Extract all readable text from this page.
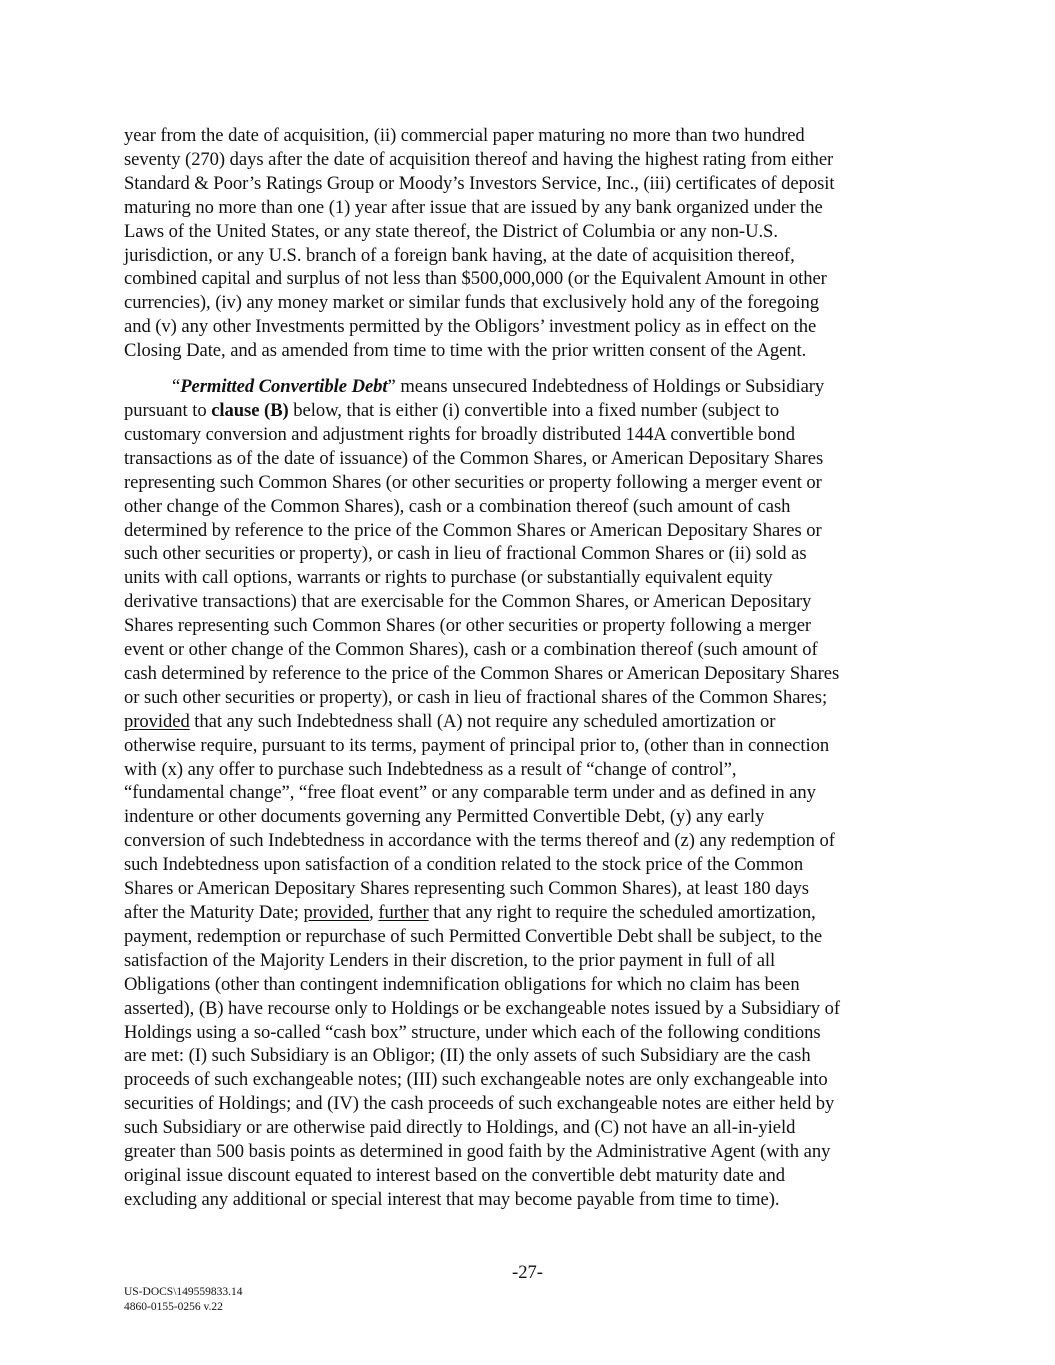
year from the date of acquisition, (ii) commercial paper maturing no more than two hundred
seventy (270) days after the date of acquisition thereof and having the highest rating from either
Standard & Poor’s Ratings Group or Moody’s Investors Service, Inc., (iii) certificates of deposit
maturing no more than one (1) year after issue that are issued by any bank organized under the
Laws of the United States, or any state thereof, the District of Columbia or any non-U.S.
jurisdiction, or any U.S. branch of a foreign bank having, at the date of acquisition thereof,
combined capital and surplus of not less than $500,000,000 (or the Equivalent Amount in other
currencies), (iv) any money market or similar funds that exclusively hold any of the foregoing
and (v) any other Investments permitted by the Obligors’ investment policy as in effect on the
Closing Date, and as amended from time to time with the prior written consent of the Agent.
“Permitted Convertible Debt” means unsecured Indebtedness of Holdings or Subsidiary
pursuant to clause (B) below, that is either (i) convertible into a fixed number (subject to
customary conversion and adjustment rights for broadly distributed 144A convertible bond
transactions as of the date of issuance) of the Common Shares, or American Depositary Shares
representing such Common Shares (or other securities or property following a merger event or
other change of the Common Shares), cash or a combination thereof (such amount of cash
determined by reference to the price of the Common Shares or American Depositary Shares or
such other securities or property), or cash in lieu of fractional Common Shares or (ii) sold as
units with call options, warrants or rights to purchase (or substantially equivalent equity
derivative transactions) that are exercisable for the Common Shares, or American Depositary
Shares representing such Common Shares (or other securities or property following a merger
event or other change of the Common Shares), cash or a combination thereof (such amount of
cash determined by reference to the price of the Common Shares or American Depositary Shares
or such other securities or property), or cash in lieu of fractional shares of the Common Shares;
provided that any such Indebtedness shall (A) not require any scheduled amortization or
otherwise require, pursuant to its terms, payment of principal prior to, (other than in connection
with (x) any offer to purchase such Indebtedness as a result of “change of control”,
“fundamental change”, “free float event” or any comparable term under and as defined in any
indenture or other documents governing any Permitted Convertible Debt, (y) any early
conversion of such Indebtedness in accordance with the terms thereof and (z) any redemption of
such Indebtedness upon satisfaction of a condition related to the stock price of the Common
Shares or American Depositary Shares representing such Common Shares), at least 180 days
after the Maturity Date; provided, further that any right to require the scheduled amortization,
payment, redemption or repurchase of such Permitted Convertible Debt shall be subject, to the
satisfaction of the Majority Lenders in their discretion, to the prior payment in full of all
Obligations (other than contingent indemnification obligations for which no claim has been
asserted), (B) have recourse only to Holdings or be exchangeable notes issued by a Subsidiary of
Holdings using a so-called “cash box” structure, under which each of the following conditions
are met: (I) such Subsidiary is an Obligor; (II) the only assets of such Subsidiary are the cash
proceeds of such exchangeable notes; (III) such exchangeable notes are only exchangeable into
securities of Holdings; and (IV) the cash proceeds of such exchangeable notes are either held by
such Subsidiary or are otherwise paid directly to Holdings, and (C) not have an all-in-yield
greater than 500 basis points as determined in good faith by the Administrative Agent (with any
original issue discount equated to interest based on the convertible debt maturity date and
excluding any additional or special interest that may become payable from time to time).
-27-
US-DOCS\149559833.14
4860-0155-0256 v.22
